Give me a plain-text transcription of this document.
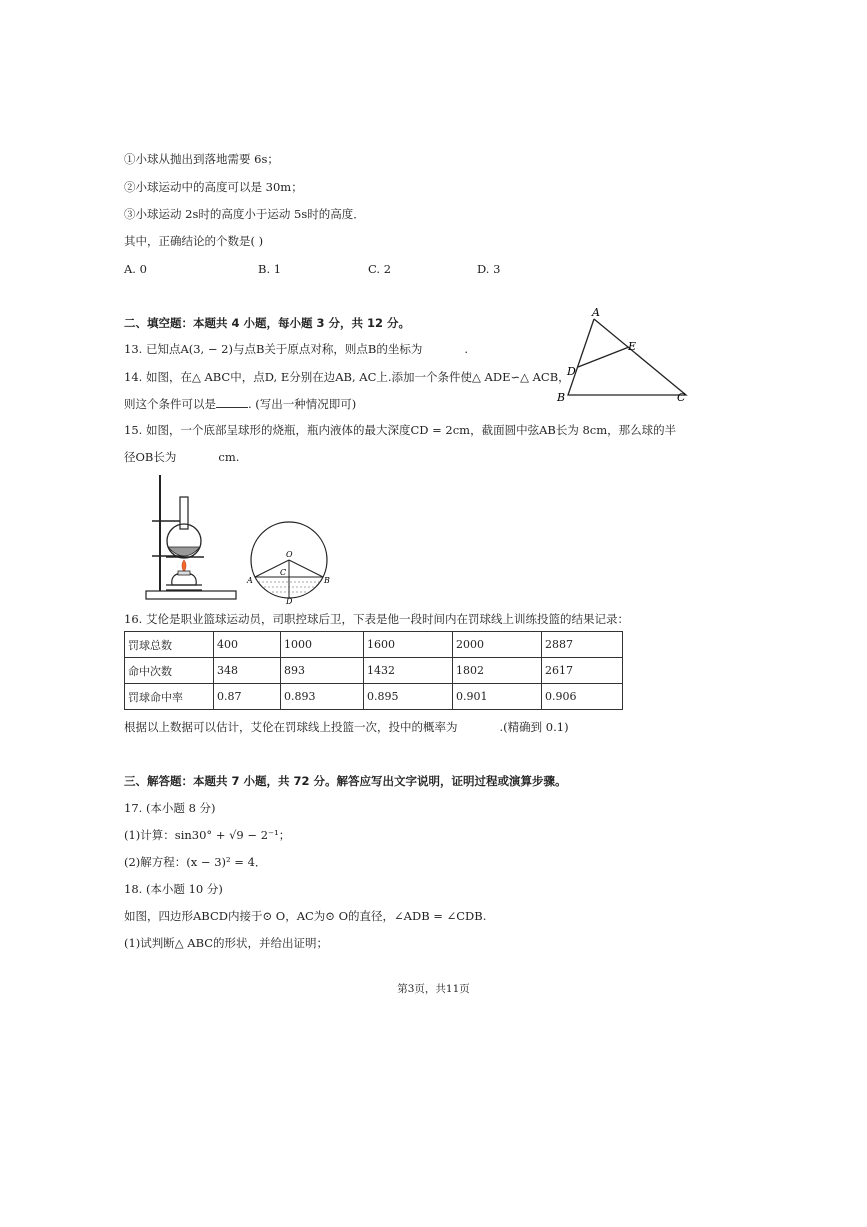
①小球从抛出到落地需要 6s；
②小球运动中的高度可以是 30m；
③小球运动 2s时的高度小于运动 5s时的高度．
其中，正确结论的个数是( )
A. 0	B. 1	C. 2	D. 3
二、填空题：本题共 4 小题，每小题 3 分，共 12 分。
13. 已知点A(3, − 2)与点B关于原点对称，则点B的坐标为	.
14. 如图，在△ ABC中，点D, E分别在边AB, AC上.添加一个条件使△ ADE∽△ ACB，
则这个条件可以是	. (写出一种情况即可)
A
B	C
D
E
15. 如图，一个底部呈球形的烧瓶，瓶内液体的最大深度CD = 2cm，截面圆中弦AB长为 8cm，那么球的半
径OB长为	cm.
O
A	B
C
D
16. 艾伦是职业篮球运动员，司职控球后卫，下表是他一段时间内在罚球线上训练投篮的结果记录：
罚球总数	400	1000	1600	2000	2887
命中次数	348	893	1432	1802	2617
罚球命中率	0.87	0.893	0.895	0.901	0.906
根据以上数据可以估计，艾伦在罚球线上投篮一次，投中的概率为	.(精确到 0.1)
三、解答题：本题共 7 小题，共 72 分。解答应写出文字说明，证明过程或演算步骤。
17. (本小题 8 分)
(1)计算：sin30° + √9 − 2⁻¹；
(2)解方程：(x − 3)² = 4．
18. (本小题 10 分)
如图，四边形ABCD内接于⊙ O，AC为⊙ O的直径，∠ADB = ∠CDB.
(1)试判断△ ABC的形状，并给出证明；
第3页，共11页
